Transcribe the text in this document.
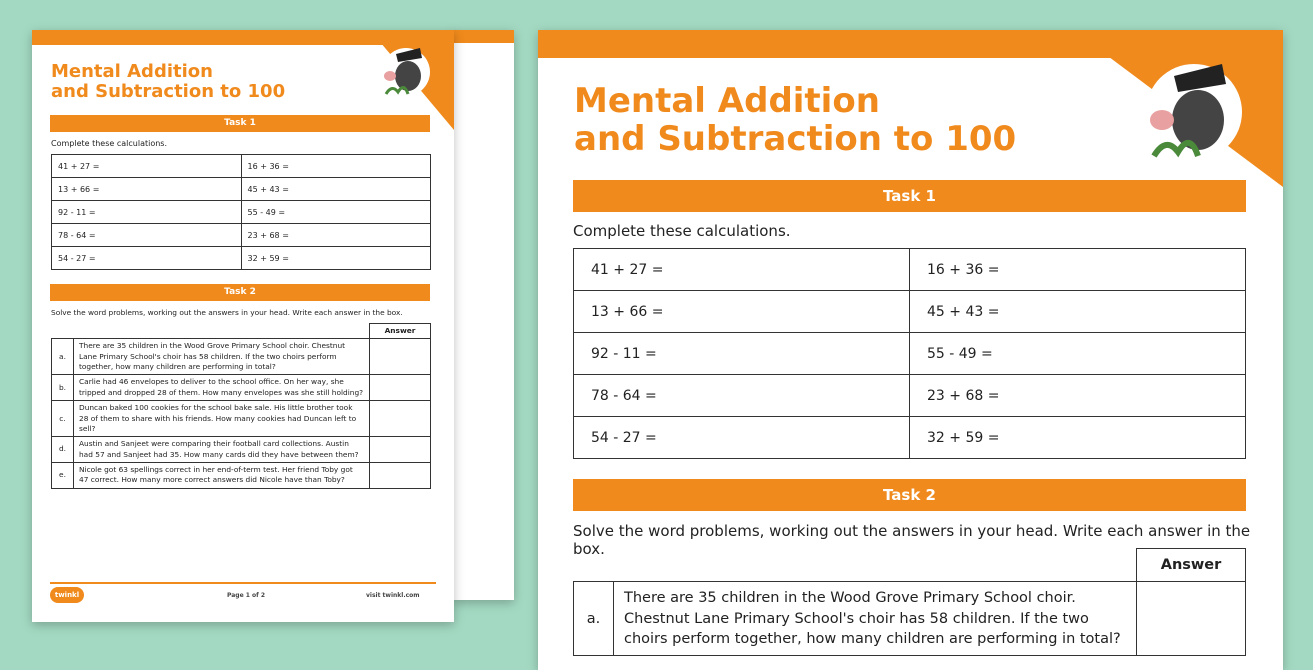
Mental Addition
and Subtraction to 100
Task 1
Complete these calculations.
41 + 27 =	16 + 36 =
13 + 66 =	45 + 43 =
92 - 11 =	55 - 49 =
78 - 64 =	23 + 68 =
54 - 27 =	32 + 59 =
Task 2
Solve the word problems, working out the answers in your head. Write each answer in the box.
		Answer
a.	There are 35 children in the Wood Grove Primary School choir. Chestnut Lane Primary School's choir has 58 children. If the two choirs perform together, how many children are performing in total?	
b.	Carlie had 46 envelopes to deliver to the school office. On her way, she tripped and dropped 28 of them. How many envelopes was she still holding?	
c.	Duncan baked 100 cookies for the school bake sale. His little brother took 28 of them to share with his friends. How many cookies had Duncan left to sell?	
d.	Austin and Sanjeet were comparing their football card collections. Austin had 57 and Sanjeet had 35. How many cards did they have between them?	
e.	Nicole got 63 spellings correct in her end-of-term test. Her friend Toby got 47 correct. How many more correct answers did Nicole have than Toby?	
twinkl	Page 1 of 2	visit twinkl.com
Mental Addition
and Subtraction to 100
Task 1
Complete these calculations.
41 + 27 =	16 + 36 =
13 + 66 =	45 + 43 =
92 - 11 =	55 - 49 =
78 - 64 =	23 + 68 =
54 - 27 =	32 + 59 =
Task 2
Solve the word problems, working out the answers in your head. Write each answer in the box.
		Answer
a.	There are 35 children in the Wood Grove Primary School choir. Chestnut Lane Primary School's choir has 58 children. If the two choirs perform together, how many children are performing in total?	
